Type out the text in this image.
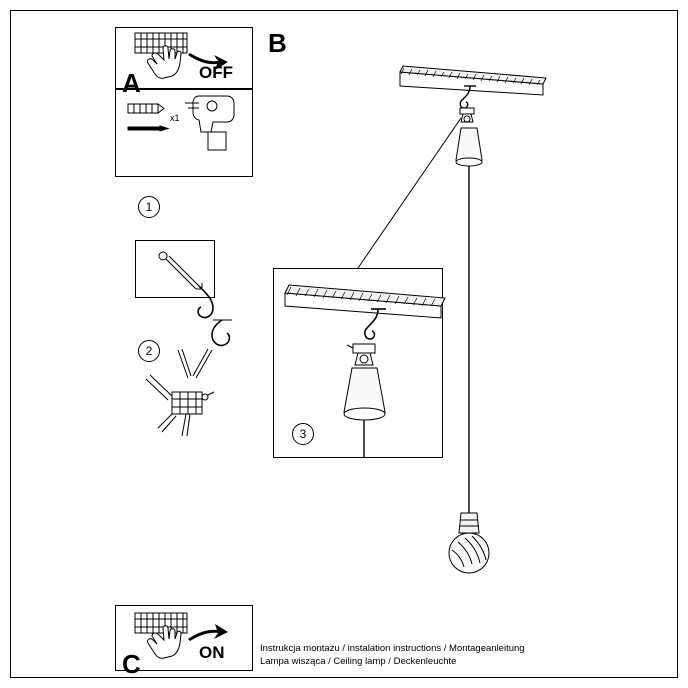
A	OFF
x1
1
2
C	ON
B
3
Instrukcja montażu / instalation instructions / Montageanleitung
Lampa wisząca / Ceiling lamp / Deckenleuchte
